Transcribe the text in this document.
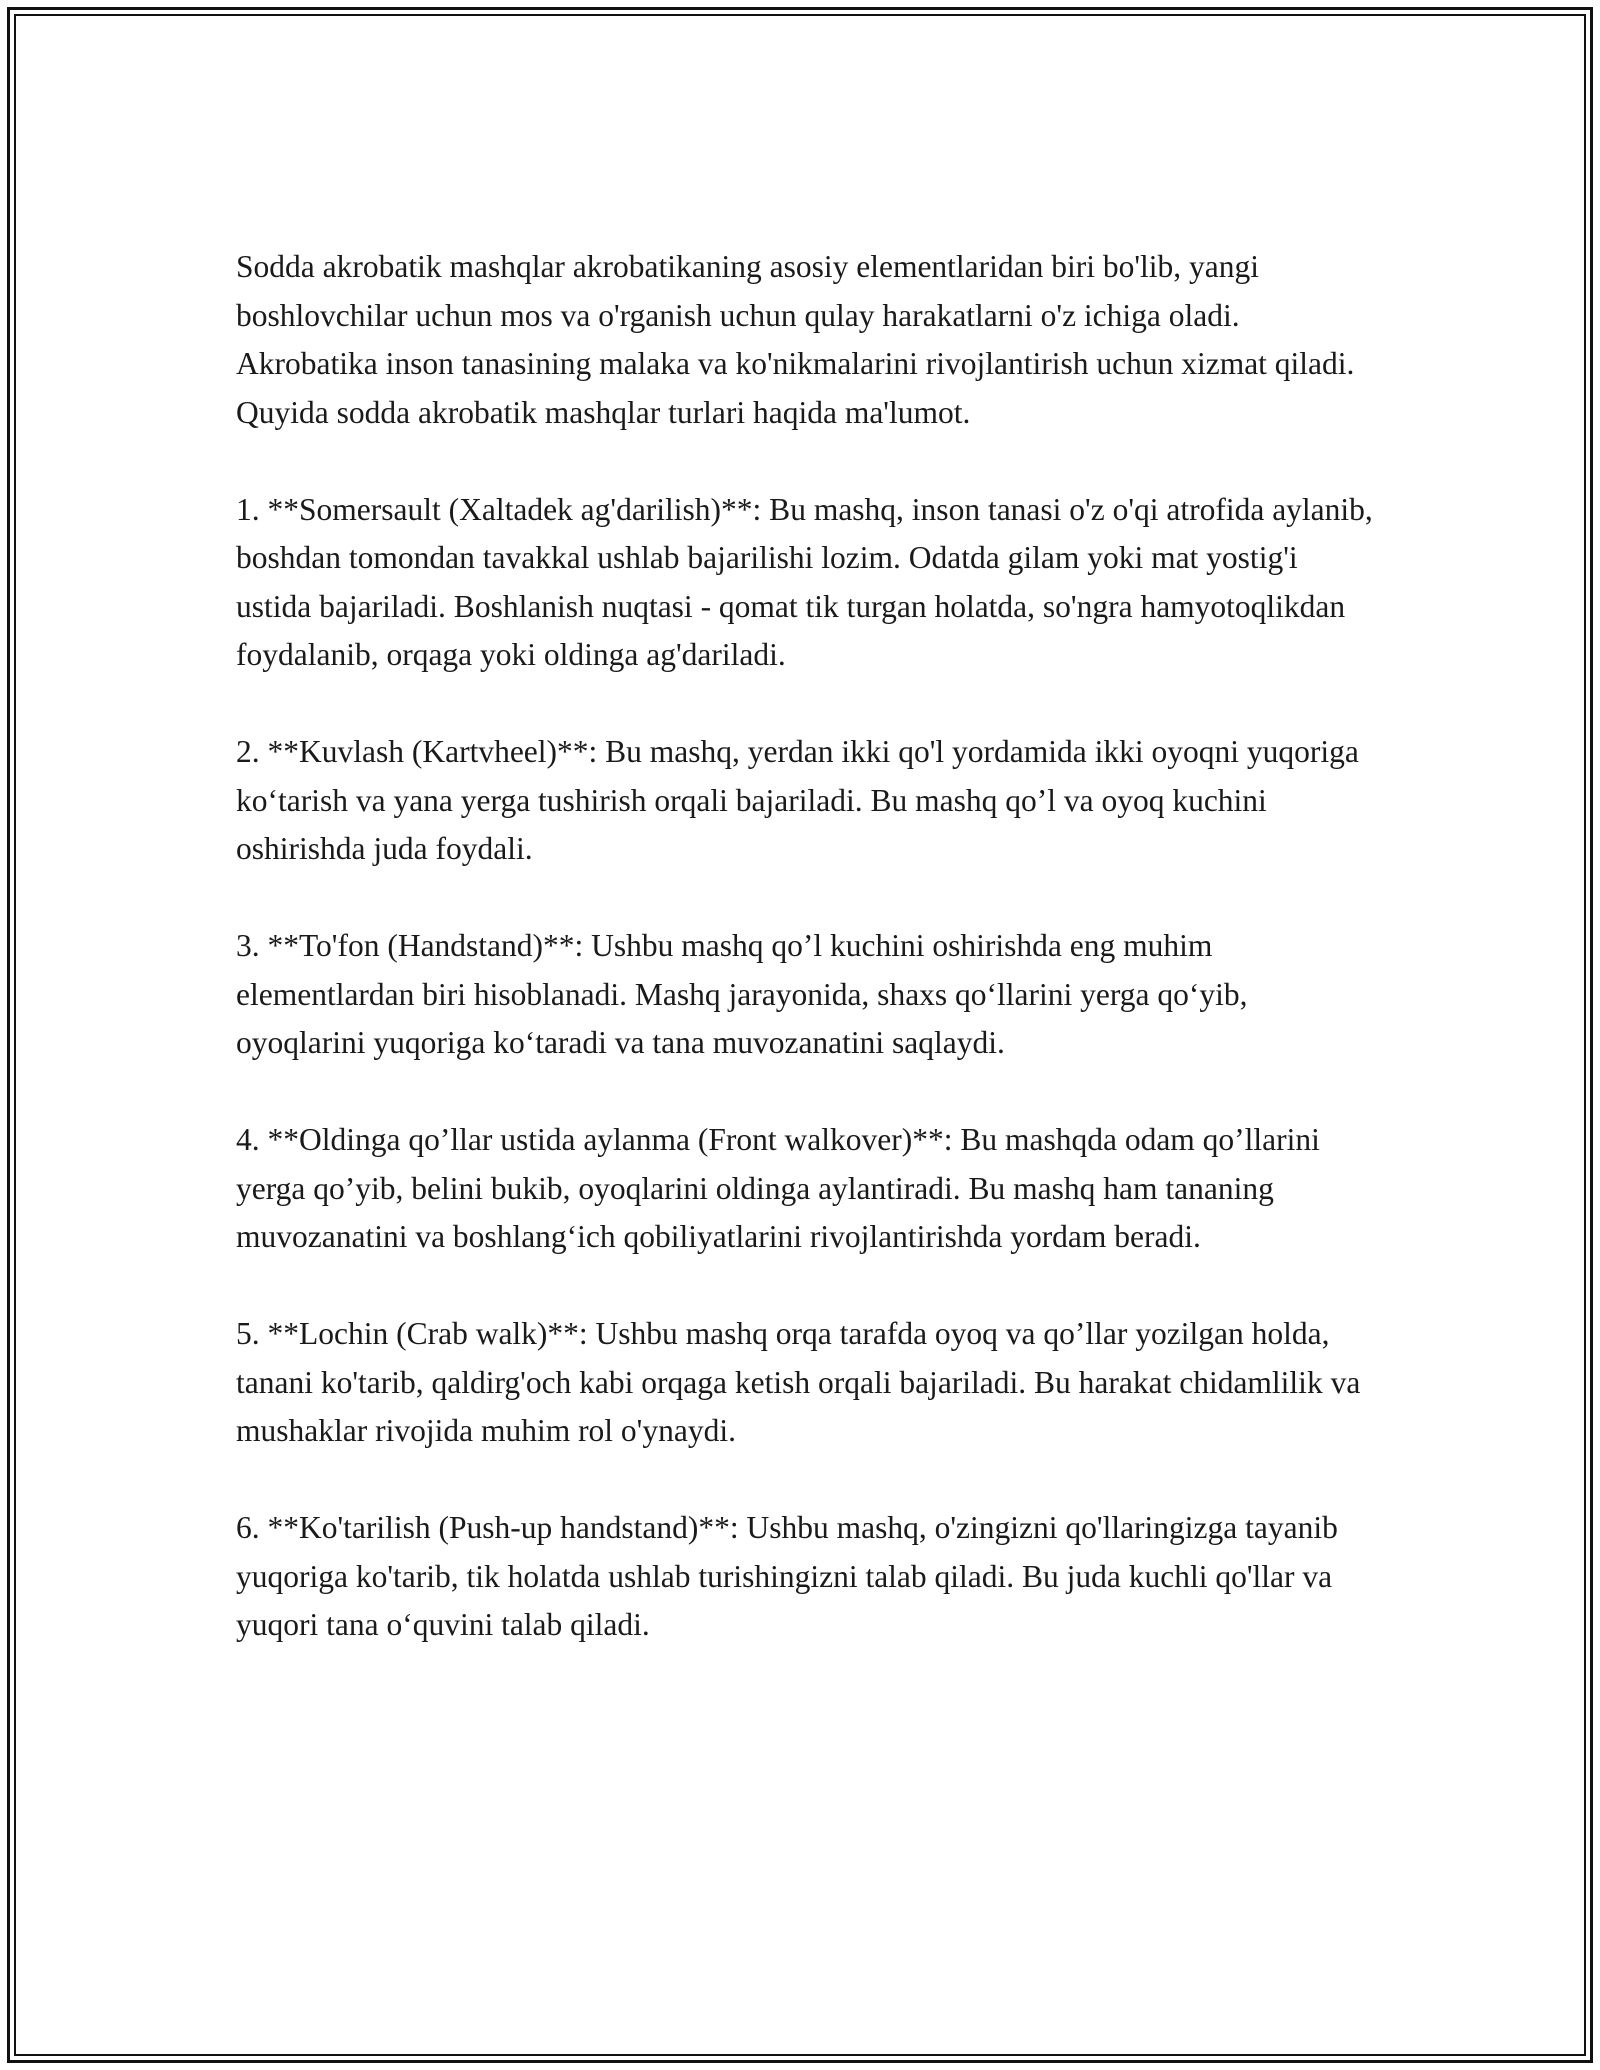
Sodda akrobatik mashqlar akrobatikaning asosiy elementlaridan biri bo'lib, yangi boshlovchilar uchun mos va o'rganish uchun qulay harakatlarni o'z ichiga oladi. Akrobatika inson tanasining malaka va ko'nikmalarini rivojlantirish uchun xizmat qiladi. Quyida sodda akrobatik mashqlar turlari haqida ma'lumot.

1. **Somersault (Xaltadek ag'darilish)**: Bu mashq, inson tanasi o'z o'qi atrofida aylanib, boshdan tomondan tavakkal ushlab bajarilishi lozim. Odatda gilam yoki mat yostig'i ustida bajariladi. Boshlanish nuqtasi - qomat tik turgan holatda, so'ngra hamyotoqlikdan foydalanib, orqaga yoki oldinga ag'dariladi.

2. **Kuvlash (Kartvheel)**: Bu mashq, yerdan ikki qo'l yordamida ikki oyoqni yuqoriga ko‘tarish va yana yerga tushirish orqali bajariladi. Bu mashq qo’l va oyoq kuchini oshirishda juda foydali.

3. **To'fon (Handstand)**: Ushbu mashq qo’l kuchini oshirishda eng muhim elementlardan biri hisoblanadi. Mashq jarayonida, shaxs qo‘llarini yerga qo‘yib, oyoqlarini yuqoriga ko‘taradi va tana muvozanatini saqlaydi.

4. **Oldinga qo’llar ustida aylanma (Front walkover)**: Bu mashqda odam qo’llarini yerga qo’yib, belini bukib, oyoqlarini oldinga aylantiradi. Bu mashq ham tananing muvozanatini va boshlang‘ich qobiliyatlarini rivojlantirishda yordam beradi.

5. **Lochin (Crab walk)**: Ushbu mashq orqa tarafda oyoq va qo’llar yozilgan holda, tanani ko'tarib, qaldirg'och kabi orqaga ketish orqali bajariladi. Bu harakat chidamlilik va mushaklar rivojida muhim rol o'ynaydi.

6. **Ko'tarilish (Push-up handstand)**: Ushbu mashq, o'zingizni qo'llaringizga tayanib yuqoriga ko'tarib, tik holatda ushlab turishingizni talab qiladi. Bu juda kuchli qo'llar va yuqori tana o‘quvini talab qiladi.
